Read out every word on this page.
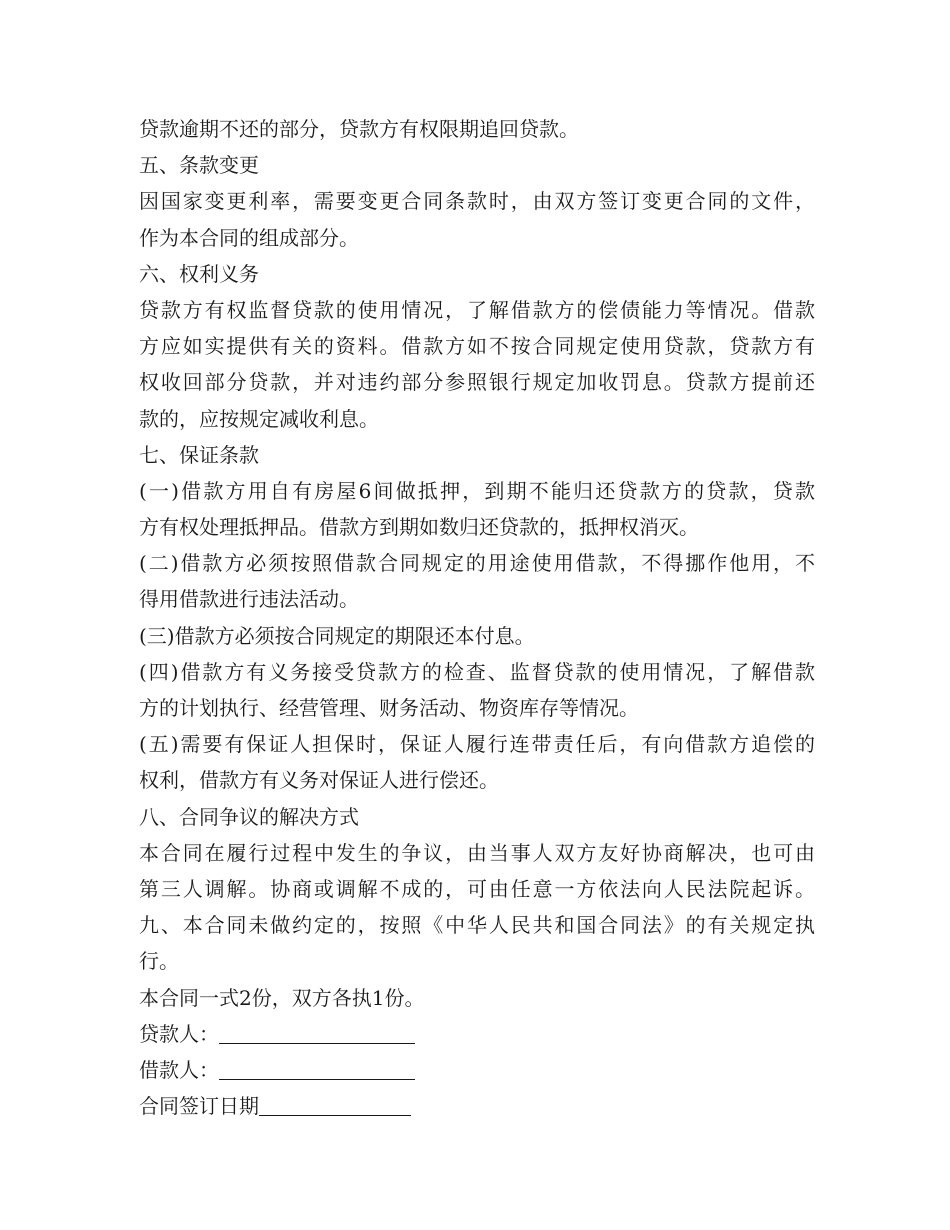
贷款逾期不还的部分，贷款方有权限期追回贷款。
五、条款变更
因国家变更利率，需要变更合同条款时，由双方签订变更合同的文件，
作为本合同的组成部分。
六、权利义务
贷款方有权监督贷款的使用情况，了解借款方的偿债能力等情况。借款
方应如实提供有关的资料。借款方如不按合同规定使用贷款，贷款方有
权收回部分贷款，并对违约部分参照银行规定加收罚息。贷款方提前还
款的，应按规定减收利息。
七、保证条款
(一)借款方用自有房屋6间做抵押，到期不能归还贷款方的贷款，贷款
方有权处理抵押品。借款方到期如数归还贷款的，抵押权消灭。
(二)借款方必须按照借款合同规定的用途使用借款，不得挪作他用，不
得用借款进行违法活动。
(三)借款方必须按合同规定的期限还本付息。
(四)借款方有义务接受贷款方的检查、监督贷款的使用情况，了解借款
方的计划执行、经营管理、财务活动、物资库存等情况。
(五)需要有保证人担保时，保证人履行连带责任后，有向借款方追偿的
权利，借款方有义务对保证人进行偿还。
八、合同争议的解决方式
本合同在履行过程中发生的争议，由当事人双方友好协商解决，也可由
第三人调解。协商或调解不成的，可由任意一方依法向人民法院起诉。
九、本合同未做约定的，按照《中华人民共和国合同法》的有关规定执
行。
本合同一式2份，双方各执1份。
贷款人：
借款人：
合同签订日期
